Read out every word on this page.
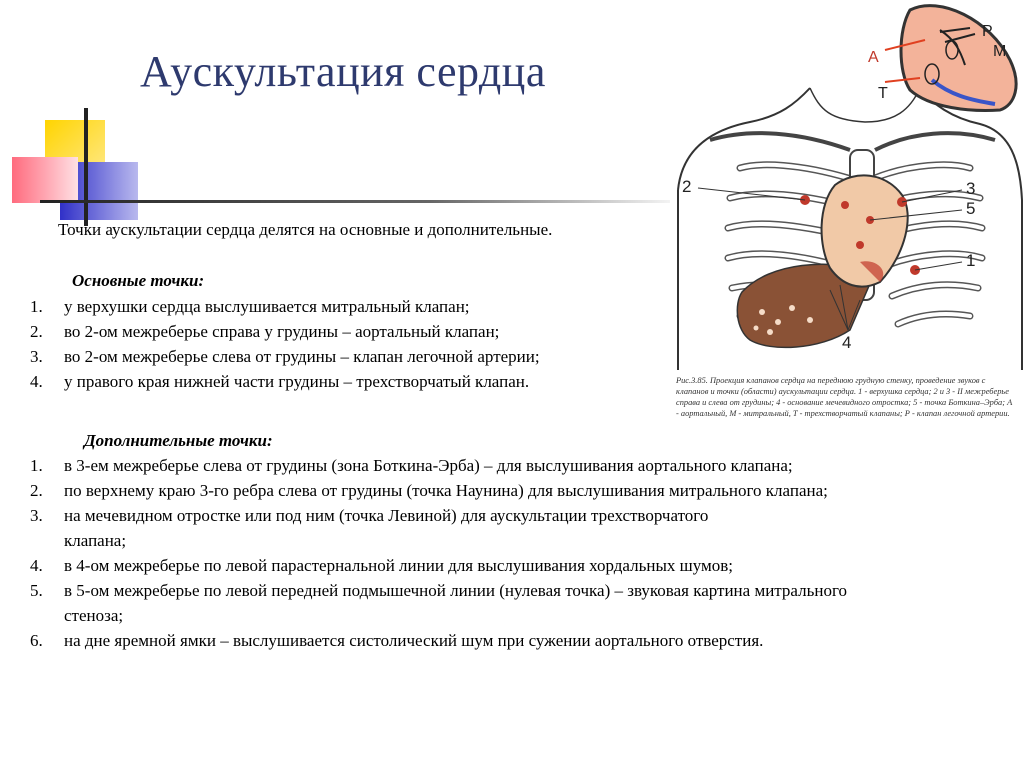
Аускультация сердца
Точки аускультации сердца делятся на основные и дополнительные.
Основные точки:
1. у верхушки сердца выслушивается митральный клапан;
2. во 2-ом межреберье справа у грудины – аортальный клапан;
3. во 2-ом межреберье слева от грудины – клапан легочной артерии;
4. у правого края нижней части грудины – трехстворчатый клапан.
Дополнительные точки:
1. в 3-ем межреберье слева от грудины (зона Боткина-Эрба) – для выслушивания аортального клапана;
2. по верхнему краю 3-го ребра слева от грудины (точка Наунина) для выслушивания митрального клапана;
3. на мечевидном отростке или под ним (точка Левиной) для аускультации трехстворчатого клапана;
4. в 4-ом межреберье по левой парастернальной линии для выслушивания хордальных шумов;
5. в 5-ом межреберье по левой передней подмышечной линии (нулевая точка) – звуковая картина митрального стеноза;
6. на дне яремной ямки – выслушивается систолический шум при сужении аортального отверстия.
2	3
5
1
4
А
Т
Р
М
Рис.3.85. Проекция клапанов сердца на переднюю грудную стенку, проведение звуков с клапанов и точки (области) аускультации сердца. 1 - верхушка сердца; 2 и 3 - II межреберье справа и слева от грудины; 4 - основание мечевидного отростка; 5 - точка Боткина–Эрба; А - аортальный, М - митральный, Т - трехстворчатый клапаны; Р - клапан легочной артерии.
